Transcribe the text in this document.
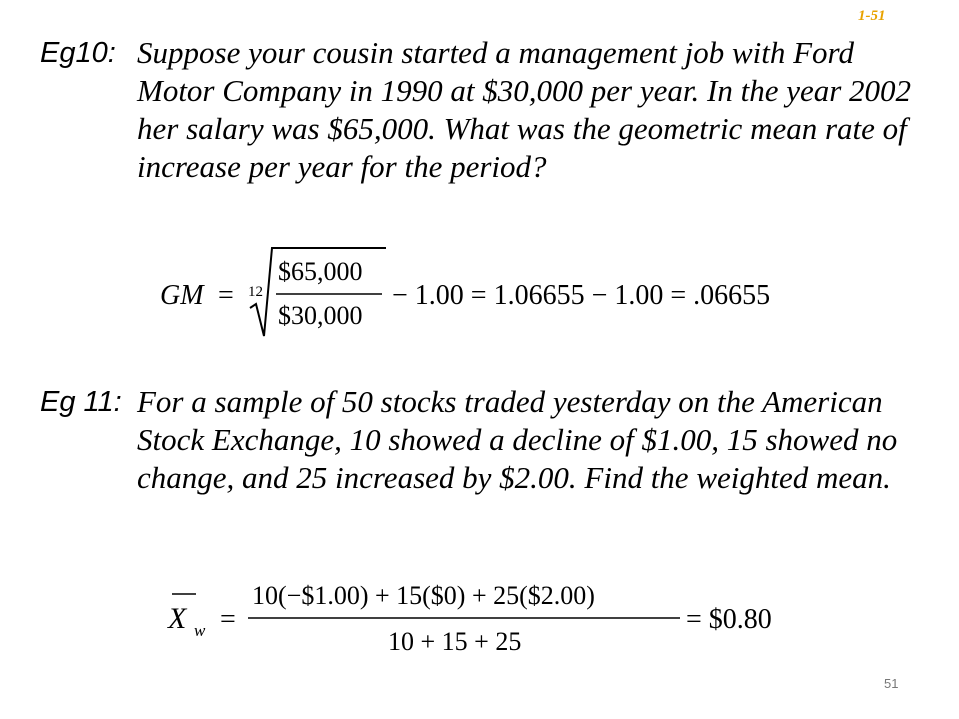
1-51
Eg10: Suppose your cousin started a management job with Ford Motor Company in 1990 at $30,000 per year. In the year 2002 her salary was $65,000. What was the geometric mean rate of increase per year for the period?
GM = 12
$65,000
$30,000
− 1.00 = 1.06655 − 1.00 = .06655
Eg 11: For a sample of 50 stocks traded yesterday on the American Stock Exchange, 10 showed a decline of $1.00, 15 showed no change, and 25 increased by $2.00. Find the weighted mean.
X w =
10(−$1.00) + 15($0) + 25($2.00)
10 + 15 + 25
= $0.80
51
